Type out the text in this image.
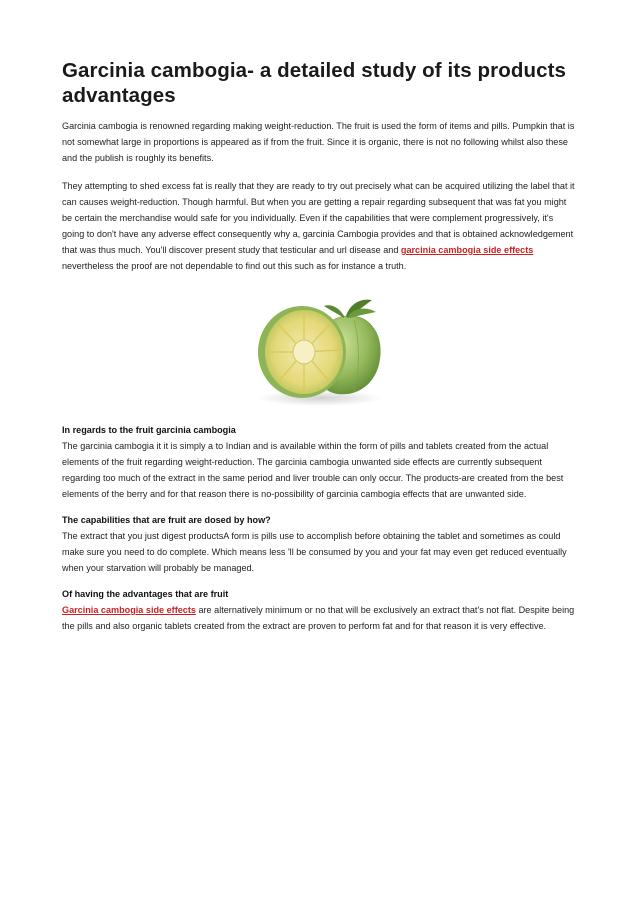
Garcinia cambogia- a detailed study of its products advantages

Garcinia cambogia is renowned regarding making weight-reduction. The fruit is used the form of items and pills. Pumpkin that is not somewhat large in proportions is appeared as if from the fruit. Since it is organic, there is not no following whilst also these and the publish is roughly its benefits.

They attempting to shed excess fat is really that they are ready to try out precisely what can be acquired utilizing the label that it can causes weight-reduction. Though harmful. But when you are getting a repair regarding subsequent that was fat you might be certain the merchandise would safe for you individually. Even if the capabilities that were complement progressively, it's going to don't have any adverse effect consequently why a, garcinia Cambogia provides and that is obtained acknowledgement that was thus much. You'll discover present study that testicular and url disease and garcinia cambogia side effects nevertheless the proof are not dependable to find out this such as for instance a truth.

In regards to the fruit garcinia cambogia

The garcinia cambogia it it is simply a to Indian and is available within the form of pills and tablets created from the actual elements of the fruit regarding weight-reduction. The garcinia cambogia unwanted side effects are currently subsequent regarding too much of the extract in the same period and liver trouble can only occur. The products-are created from the best elements of the berry and for that reason there is no-possibility of garcinia cambogia effects that are unwanted side.

The capabilities that are fruit are dosed by how?

The extract that you just digest productsA form is pills use to accomplish before obtaining the tablet and sometimes as could make sure you need to do complete. Which means less 'll be consumed by you and your fat may even get reduced eventually when your starvation will probably be managed.

Of having the advantages that are fruit

Garcinia cambogia side effects are alternatively minimum or no that will be exclusively an extract that's not flat. Despite being the pills and also organic tablets created from the extract are proven to perform fat and for that reason it is very effective.
